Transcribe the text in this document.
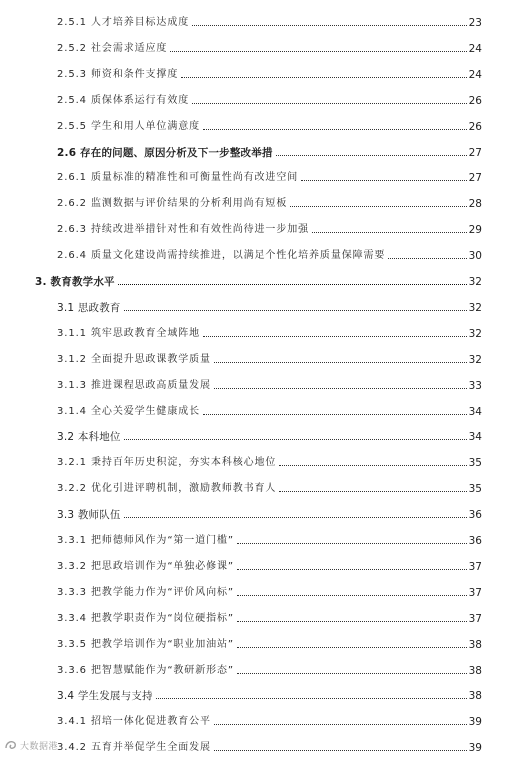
2.5.1 人才培养目标达成度	23
2.5.2 社会需求适应度	24
2.5.3 师资和条件支撑度	24
2.5.4 质保体系运行有效度	26
2.5.5 学生和用人单位满意度	26
2.6 存在的问题、原因分析及下一步整改举措	27
2.6.1 质量标准的精准性和可衡量性尚有改进空间	27
2.6.2 监测数据与评价结果的分析利用尚有短板	28
2.6.3 持续改进举措针对性和有效性尚待进一步加强	29
2.6.4 质量文化建设尚需持续推进，以满足个性化培养质量保障需要	30
3. 教育教学水平	32
3.1 思政教育	32
3.1.1 筑牢思政教育全域阵地	32
3.1.2 全面提升思政课教学质量	32
3.1.3 推进课程思政高质量发展	33
3.1.4 全心关爱学生健康成长	34
3.2 本科地位	34
3.2.1 秉持百年历史积淀，夯实本科核心地位	35
3.2.2 优化引进评聘机制，激励教师教书育人	35
3.3 教师队伍	36
3.3.1 把师德师风作为“第一道门槛”	36
3.3.2 把思政培训作为“单独必修课”	37
3.3.3 把教学能力作为“评价风向标”	37
3.3.4 把教学职责作为“岗位硬指标”	37
3.3.5 把教学培训作为“职业加油站”	38
3.3.6 把智慧赋能作为“教研新形态”	38
3.4 学生发展与支持	38
3.4.1 招培一体化促进教育公平	39
3.4.2 五育并举促学生全面发展	39
大数据港
